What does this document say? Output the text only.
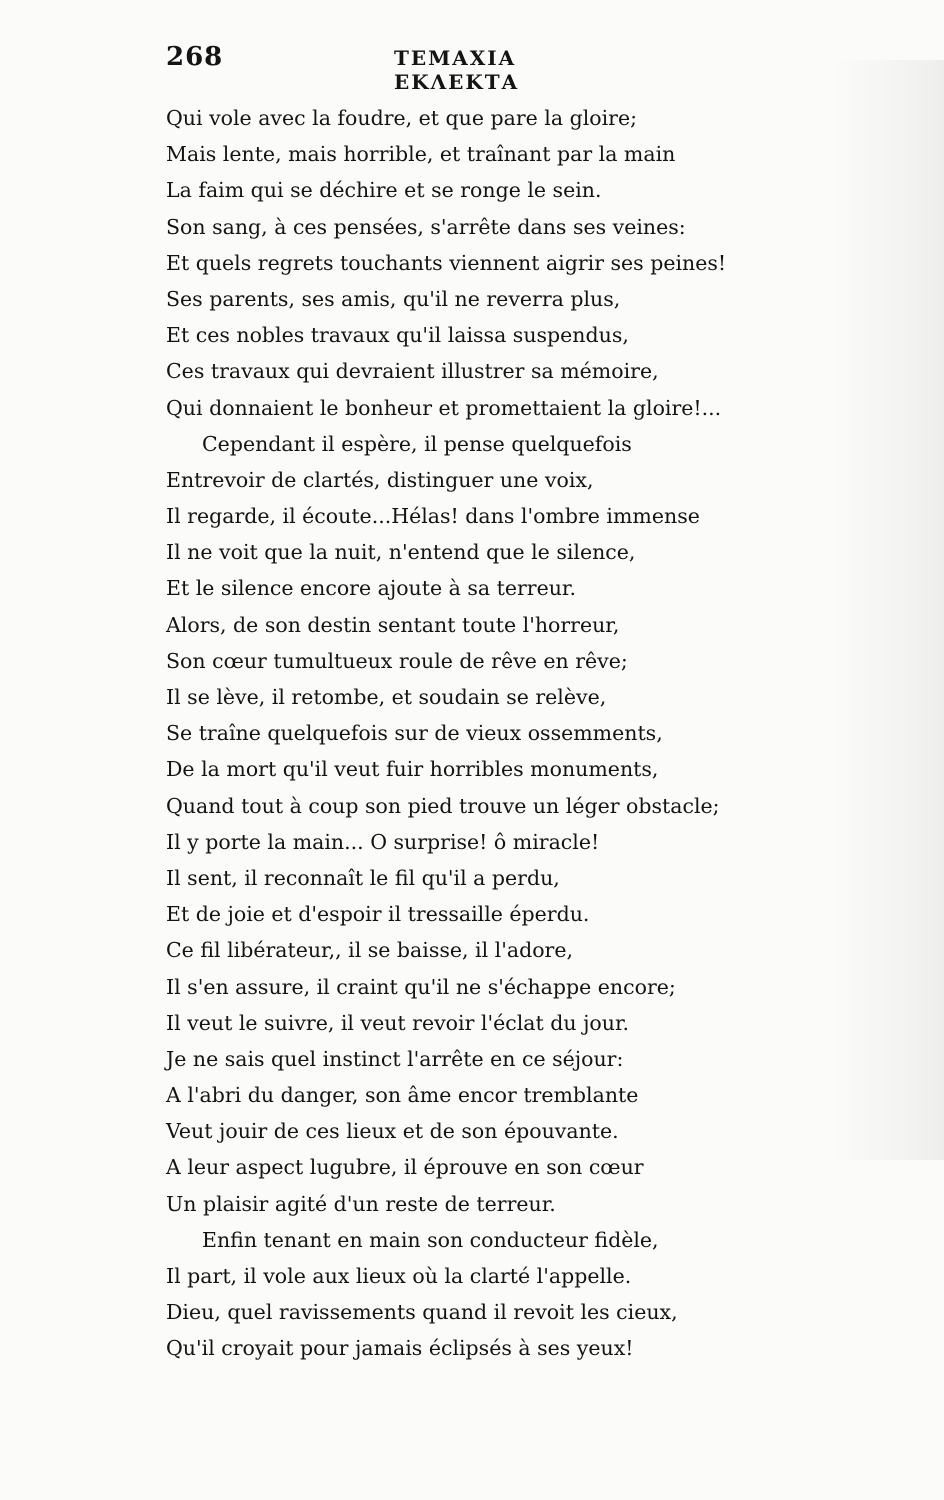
268	ΤΕΜΑΧΙΑ ΕΚΛΕΚΤΑ
Qui vole avec la foudre, et que pare la gloire;
Mais lente, mais horrible, et traînant par la main
La faim qui se déchire et se ronge le sein.
Son sang, à ces pensées, s'arrête dans ses veines:
Et quels regrets touchants viennent aigrir ses peines!
Ses parents, ses amis, qu'il ne reverra plus,
Et ces nobles travaux qu'il laissa suspendus,
Ces travaux qui devraient illustrer sa mémoire,
Qui donnaient le bonheur et promettaient la gloire!...
Cependant il espère, il pense quelquefois
Entrevoir de clartés, distinguer une voix,
Il regarde, il écoute...Hélas! dans l'ombre immense
Il ne voit que la nuit, n'entend que le silence,
Et le silence encore ajoute à sa terreur.
Alors, de son destin sentant toute l'horreur,
Son cœur tumultueux roule de rêve en rêve;
Il se lève, il retombe, et soudain se relève,
Se traîne quelquefois sur de vieux ossemments,
De la mort qu'il veut fuir horribles monuments,
Quand tout à coup son pied trouve un léger obstacle;
Il y porte la main... O surprise! ô miracle!
Il sent, il reconnaît le fil qu'il a perdu,
Et de joie et d'espoir il tressaille éperdu.
Ce fil libérateur,, il se baisse, il l'adore,
Il s'en assure, il craint qu'il ne s'échappe encore;
Il veut le suivre, il veut revoir l'éclat du jour.
Je ne sais quel instinct l'arrête en ce séjour:
A l'abri du danger, son âme encor tremblante
Veut jouir de ces lieux et de son épouvante.
A leur aspect lugubre, il éprouve en son cœur
Un plaisir agité d'un reste de terreur.
Enfin tenant en main son conducteur fidèle,
Il part, il vole aux lieux où la clarté l'appelle.
Dieu, quel ravissements quand il revoit les cieux,
Qu'il croyait pour jamais éclipsés à ses yeux!
